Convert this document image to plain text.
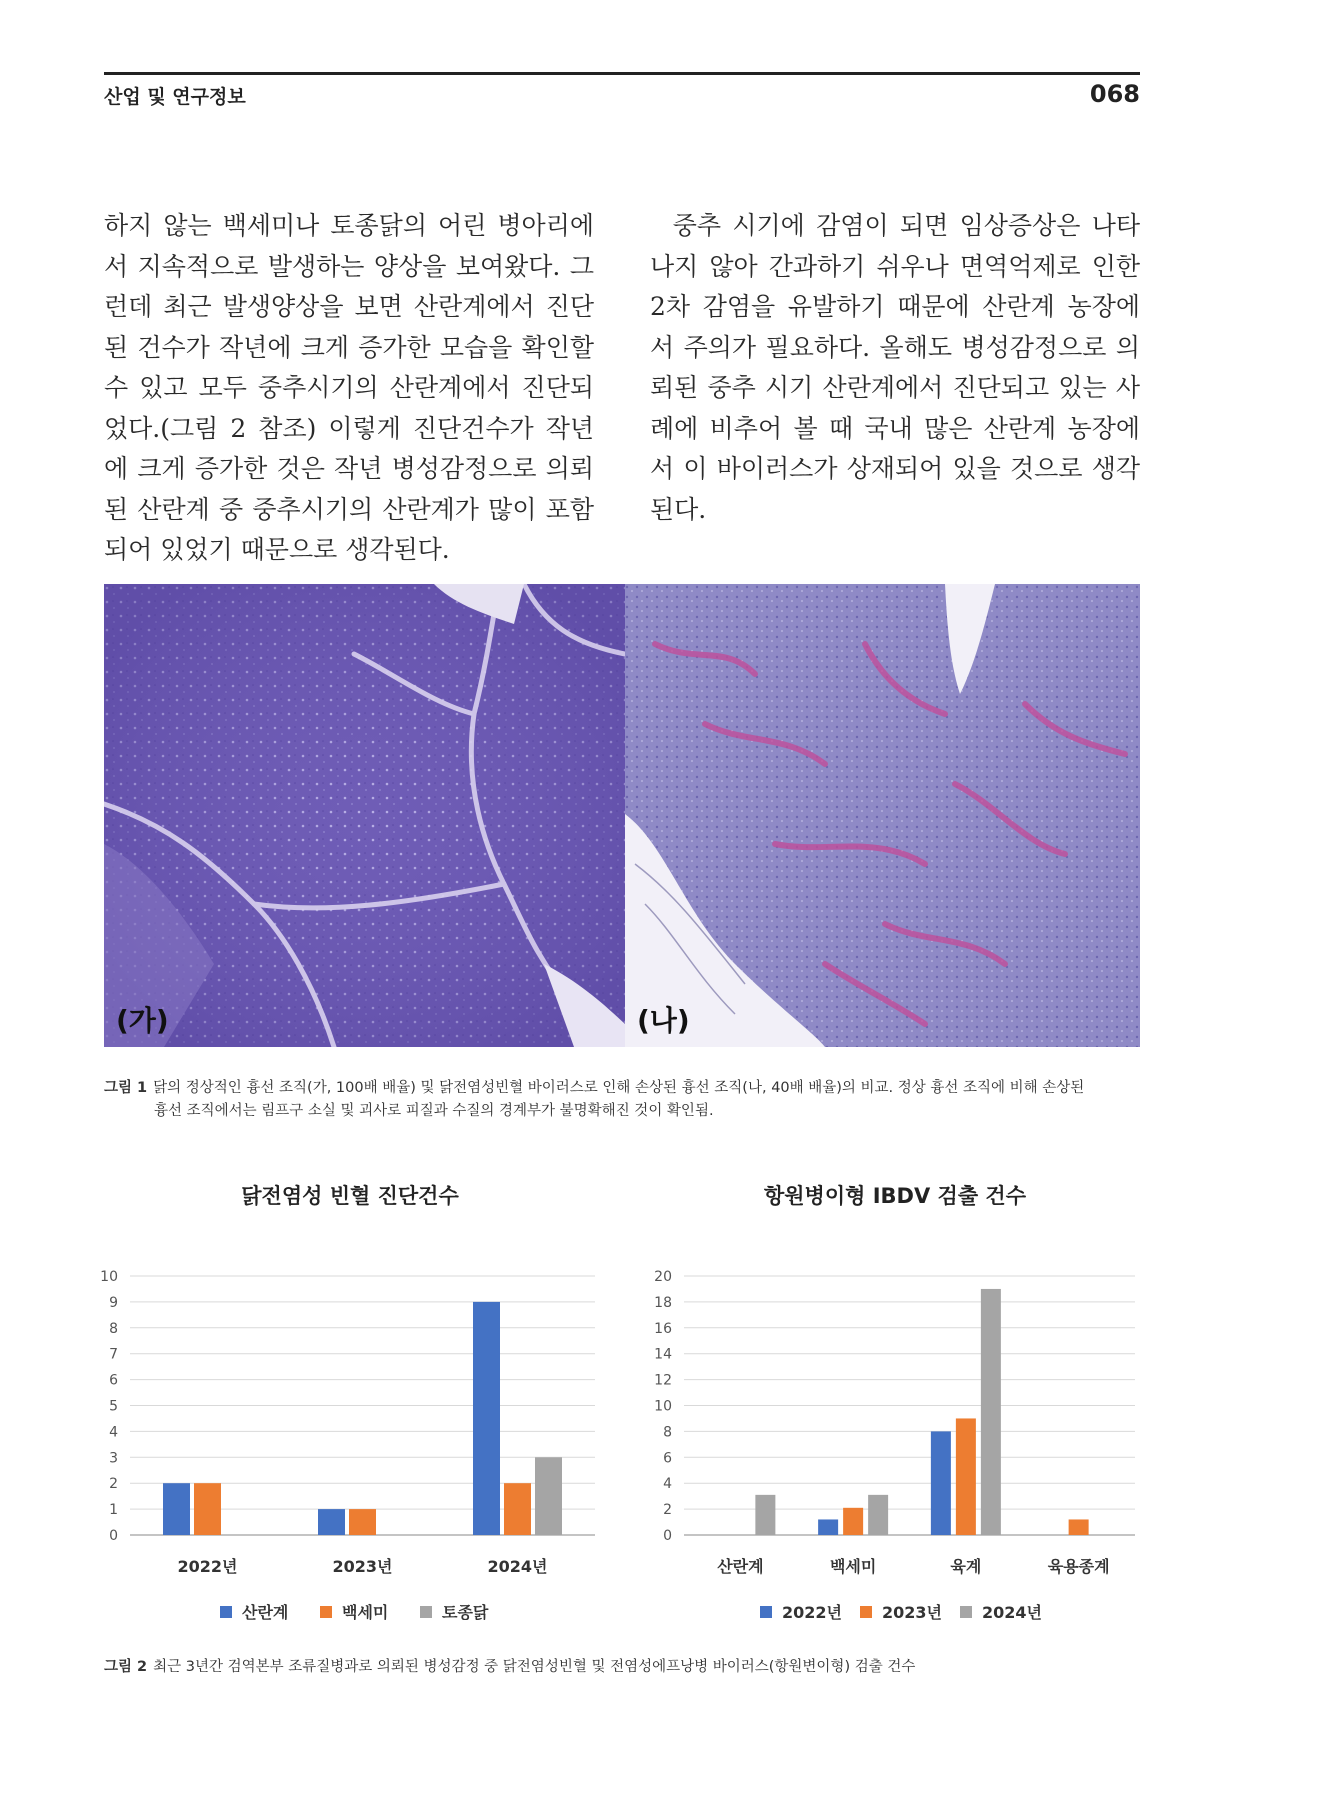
산업 및 연구정보	068

하지 않는 백세미나 토종닭의 어린 병아리에서 지속적으로 발생하는 양상을 보여왔다. 그런데 최근 발생양상을 보면 산란계에서 진단된 건수가 작년에 크게 증가한 모습을 확인할 수 있고 모두 중추시기의 산란계에서 진단되었다.(그림 2 참조) 이렇게 진단건수가 작년에 크게 증가한 것은 작년 병성감정으로 의뢰된 산란계 중 중추시기의 산란계가 많이 포함되어 있었기 때문으로 생각된다.

중추 시기에 감염이 되면 임상증상은 나타나지 않아 간과하기 쉬우나 면역억제로 인한 2차 감염을 유발하기 때문에 산란계 농장에서 주의가 필요하다. 올해도 병성감정으로 의뢰된 중추 시기 산란계에서 진단되고 있는 사례에 비추어 볼 때 국내 많은 산란계 농장에서 이 바이러스가 상재되어 있을 것으로 생각된다.

(가)	(나)
그림 1 닭의 정상적인 흉선 조직(가, 100배 배율) 및 닭전염성빈혈 바이러스로 인해 손상된 흉선 조직(나, 40배 배율)의 비교. 정상 흉선 조직에 비해 손상된
흉선 조직에서는 림프구 소실 및 괴사로 피질과 수질의 경계부가 불명확해진 것이 확인됨.
닭전염성 빈혈 진단건수
0
1
2
3
4
5
6
7
8
9
10
2022년	2023년	2024년
산란계	백세미	토종닭
항원병이형 IBDV 검출 건수
0
2
4
6
8
10
12
14
16
18
20
산란계	백세미	육계	육용종계
2022년	2023년	2024년
그림 2 최근 3년간 검역본부 조류질병과로 의뢰된 병성감정 중 닭전염성빈혈 및 전염성에프낭병 바이러스(항원변이형) 검출 건수
